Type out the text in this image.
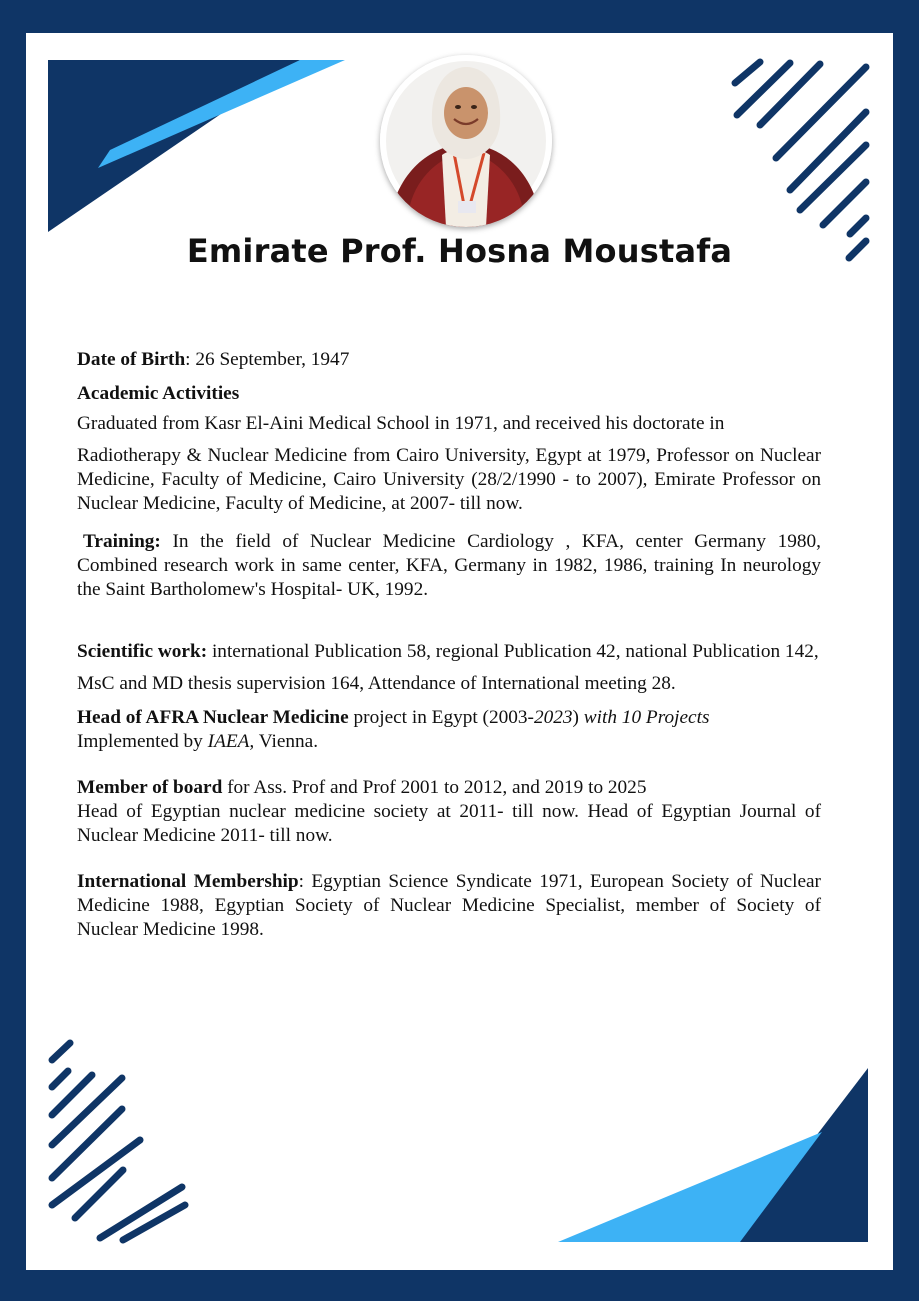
Emirate Prof. Hosna Moustafa

Date of Birth: 26 September, 1947

Academic Activities

Graduated from Kasr El-Aini Medical School in 1971, and received his doctorate in

Radiotherapy & Nuclear Medicine from Cairo University, Egypt at 1979, Professor on Nuclear Medicine, Faculty of Medicine, Cairo University (28/2/1990 - to 2007), Emirate Professor on Nuclear Medicine, Faculty of Medicine, at 2007- till now.

Training: In the field of Nuclear Medicine Cardiology , KFA, center Germany 1980, Combined research work in same center, KFA, Germany in 1982, 1986, training In neurology the Saint Bartholomew's Hospital- UK, 1992.

Scientific work: international Publication 58, regional Publication 42, national Publication 142,

MsC and MD thesis supervision 164, Attendance of International meeting 28.

Head of AFRA Nuclear Medicine project in Egypt (2003-2023) with 10 Projects
Implemented by IAEA, Vienna.

Member of board for Ass. Prof and Prof 2001 to 2012, and 2019 to 2025
Head of Egyptian nuclear medicine society at 2011- till now. Head of Egyptian Journal of Nuclear Medicine 2011- till now.

International Membership: Egyptian Science Syndicate 1971, European Society of Nuclear Medicine 1988, Egyptian Society of Nuclear Medicine Specialist, member of Society of Nuclear Medicine 1998.
